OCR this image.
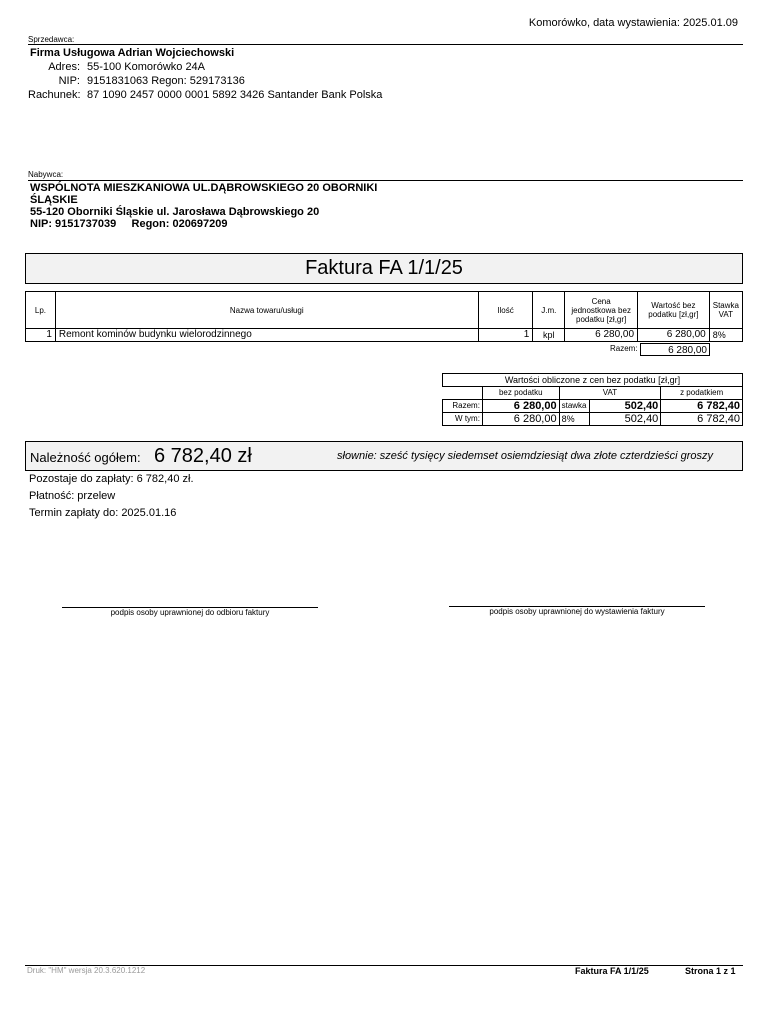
Komorówko, data wystawienia: 2025.01.09
Sprzedawca:
Firma Usługowa Adrian Wojciechowski
Adres: 55-100 Komorówko 24A
NIP: 9151831063 Regon: 529173136
Rachunek: 87 1090 2457 0000 0001 5892 3426 Santander Bank Polska
Nabywca:
WSPÓLNOTA MIESZKANIOWA UL.DĄBROWSKIEGO 20 OBORNIKI
ŚLĄSKIE
55-120 Oborniki Śląskie ul. Jarosława Dąbrowskiego 20
NIP: 9151737039     Regon: 020697209
Faktura FA 1/1/25
Lp.	Nazwa towaru/usługi	Ilość	J.m.	Cena jednostkowa bez podatku [zł,gr]	Wartość bez podatku [zł,gr]	Stawka VAT
1	Remont kominów budynku wielorodzinnego	1	kpl	6 280,00	6 280,00	8%
Razem:	6 280,00
Wartości obliczone z cen bez podatku [zł,gr]				
	bez podatku	VAT		z podatkiem
Razem:	6 280,00	stawka	502,40	6 782,40
W tym:	6 280,00	8%	502,40	6 782,40
Należność ogółem: 6 782,40 zł	słownie: sześć tysięcy siedemset osiemdziesiąt dwa złote czterdzieści groszy
Pozostaje do zapłaty: 6 782,40 zł.
Płatność: przelew
Termin zapłaty do: 2025.01.16
podpis osoby uprawnionej do odbioru faktury	podpis osoby uprawnionej do wystawienia faktury
Druk: "HM" wersja 20.3.620.1212	Faktura FA 1/1/25	Strona 1 z 1
